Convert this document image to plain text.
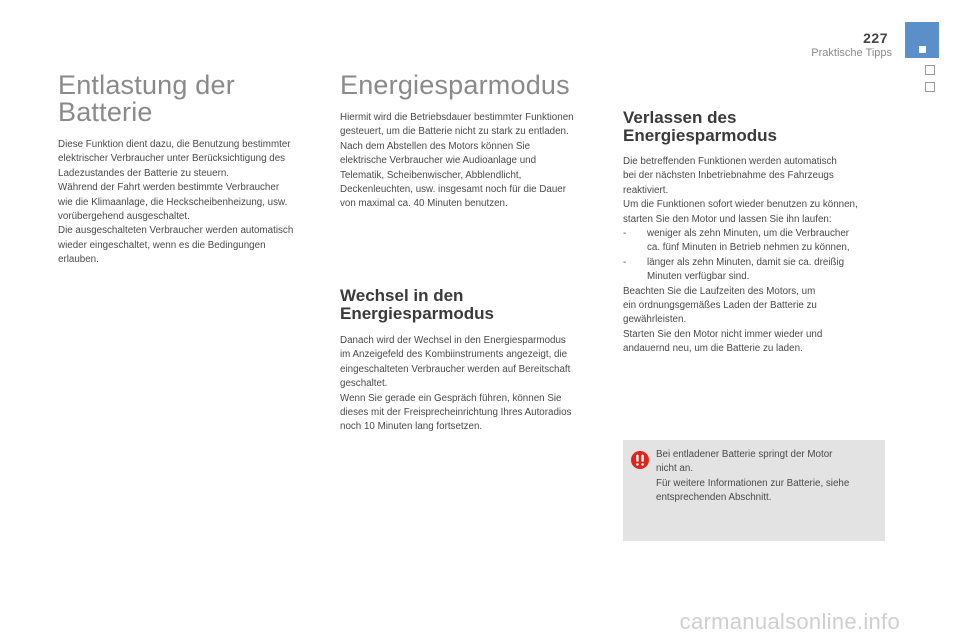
227
Praktische Tipps
Entlastung der
Batterie

Diese Funktion dient dazu, die Benutzung bestimmter
elektrischer Verbraucher unter Berücksichtigung des
Ladezustandes der Batterie zu steuern.
Während der Fahrt werden bestimmte Verbraucher
wie die Klimaanlage, die Heckscheibenheizung, usw.
vorübergehend ausgeschaltet.
Die ausgeschalteten Verbraucher werden automatisch
wieder eingeschaltet, wenn es die Bedingungen
erlauben.

Energiesparmodus

Hiermit wird die Betriebsdauer bestimmter Funktionen
gesteuert, um die Batterie nicht zu stark zu entladen.
Nach dem Abstellen des Motors können Sie
elektrische Verbraucher wie Audioanlage und
Telematik, Scheibenwischer, Abblendlicht,
Deckenleuchten, usw. insgesamt noch für die Dauer
von maximal ca. 40 Minuten benutzen.

Wechsel in den
Energiesparmodus

Danach wird der Wechsel in den Energiesparmodus
im Anzeigefeld des Kombiinstruments angezeigt, die
eingeschalteten Verbraucher werden auf Bereitschaft
geschaltet.
Wenn Sie gerade ein Gespräch führen, können Sie
dieses mit der Freisprecheinrichtung Ihres Autoradios
noch 10 Minuten lang fortsetzen.

Verlassen des
Energiesparmodus

Die betreffenden Funktionen werden automatisch
bei der nächsten Inbetriebnahme des Fahrzeugs
reaktiviert.
Um die Funktionen sofort wieder benutzen zu können,
starten Sie den Motor und lassen Sie ihn laufen:

- weniger als zehn Minuten, um die Verbraucher
ca. fünf Minuten in Betrieb nehmen zu können,

- länger als zehn Minuten, damit sie ca. dreißig
Minuten verfügbar sind.

Beachten Sie die Laufzeiten des Motors, um
ein ordnungsgemäßes Laden der Batterie zu
gewährleisten.
Starten Sie den Motor nicht immer wieder und
andauernd neu, um die Batterie zu laden.

Bei entladener Batterie springt der Motor
nicht an.
Für weitere Informationen zur Batterie, siehe
entsprechenden Abschnitt.

carmanualsonline.info
